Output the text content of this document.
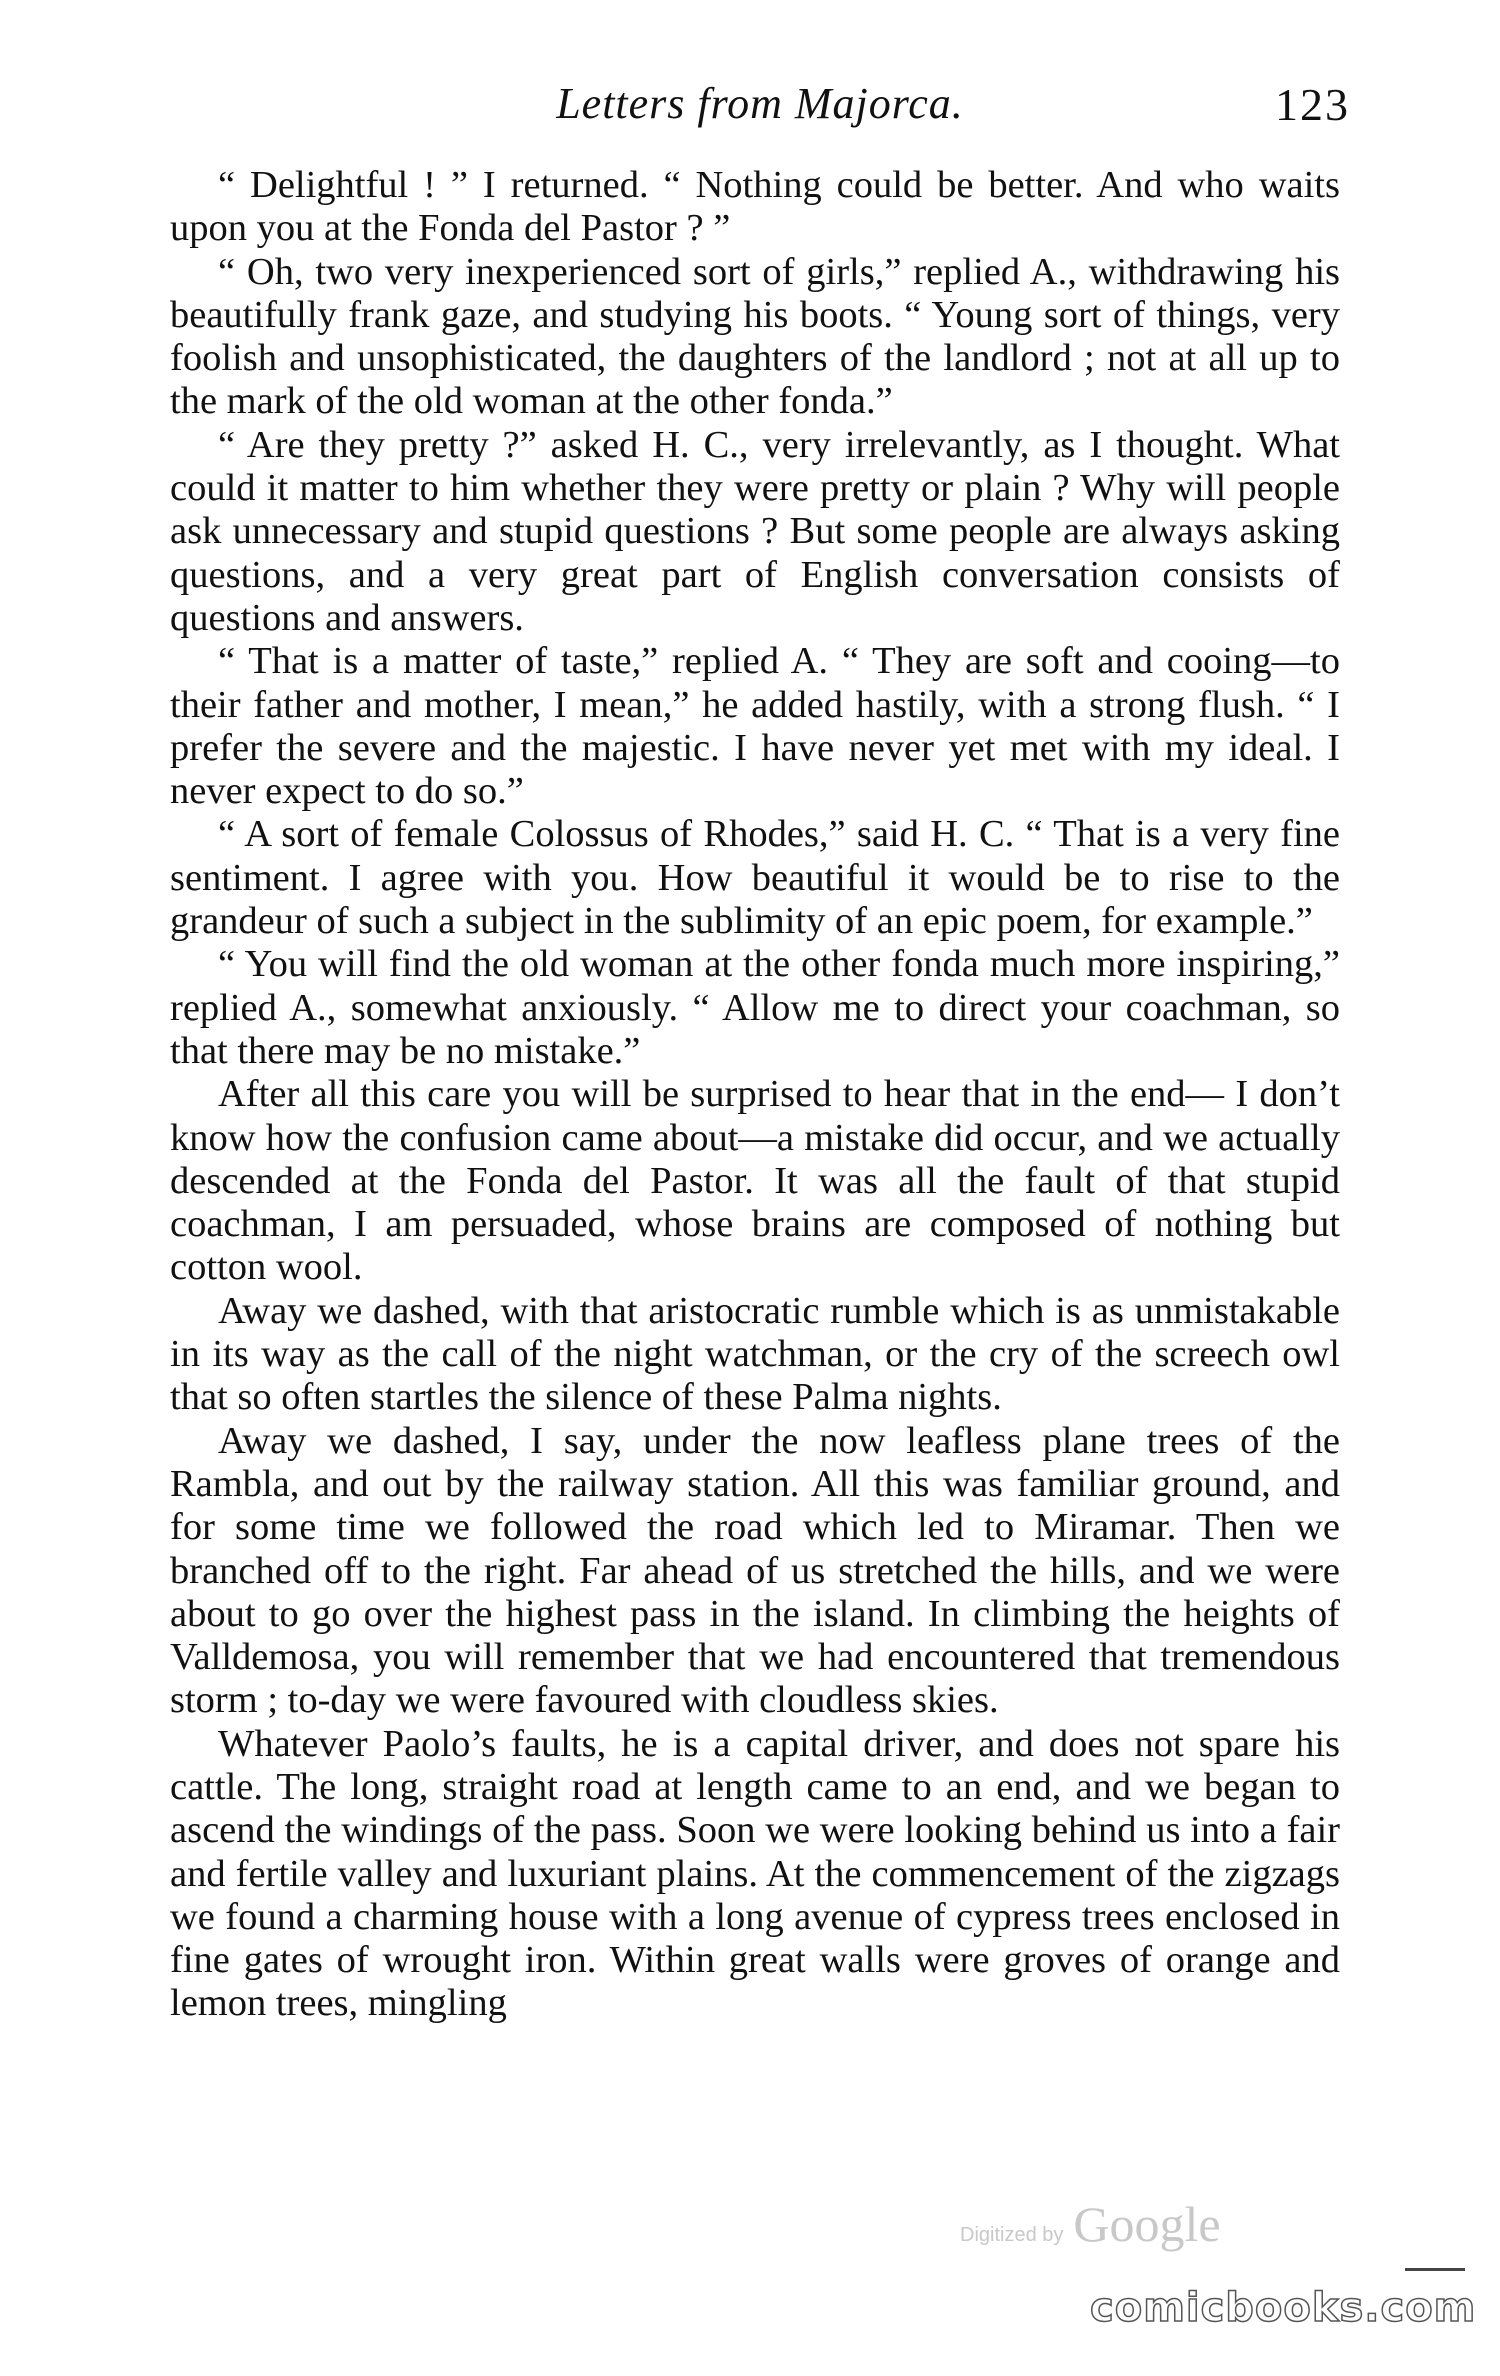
Letters from Majorca.	123

“ Delightful ! ” I returned. “ Nothing could be better. And who waits upon you at the Fonda del Pastor ? ”

“ Oh, two very inexperienced sort of girls,” replied A., withdrawing his beautifully frank gaze, and studying his boots. “ Young sort of things, very foolish and unsophisticated, the daughters of the landlord ; not at all up to the mark of the old woman at the other fonda.”

“ Are they pretty ?” asked H. C., very irrelevantly, as I thought. What could it matter to him whether they were pretty or plain ? Why will people ask unnecessary and stupid questions ? But some people are always asking questions, and a very great part of English conversation consists of questions and answers.

“ That is a matter of taste,” replied A. “ They are soft and cooing—to their father and mother, I mean,” he added hastily, with a strong flush. “ I prefer the severe and the majestic. I have never yet met with my ideal. I never expect to do so.”

“ A sort of female Colossus of Rhodes,” said H. C. “ That is a very fine sentiment. I agree with you. How beautiful it would be to rise to the grandeur of such a subject in the sublimity of an epic poem, for example.”

“ You will find the old woman at the other fonda much more inspiring,” replied A., somewhat anxiously. “ Allow me to direct your coachman, so that there may be no mistake.”

After all this care you will be surprised to hear that in the end— I don’t know how the confusion came about—a mistake did occur, and we actually descended at the Fonda del Pastor. It was all the fault of that stupid coachman, I am persuaded, whose brains are composed of nothing but cotton wool.

Away we dashed, with that aristocratic rumble which is as unmistakable in its way as the call of the night watchman, or the cry of the screech owl that so often startles the silence of these Palma nights.

Away we dashed, I say, under the now leafless plane trees of the Rambla, and out by the railway station. All this was familiar ground, and for some time we followed the road which led to Miramar. Then we branched off to the right. Far ahead of us stretched the hills, and we were about to go over the highest pass in the island. In climbing the heights of Valldemosa, you will remember that we had encountered that tremendous storm ; to-day we were favoured with cloudless skies.

Whatever Paolo’s faults, he is a capital driver, and does not spare his cattle. The long, straight road at length came to an end, and we began to ascend the windings of the pass. Soon we were looking behind us into a fair and fertile valley and luxuriant plains. At the commencement of the zigzags we found a charming house with a long avenue of cypress trees enclosed in fine gates of wrought iron. Within great walls were groves of orange and lemon trees, mingling

Digitized by Google
comicbooks.com
